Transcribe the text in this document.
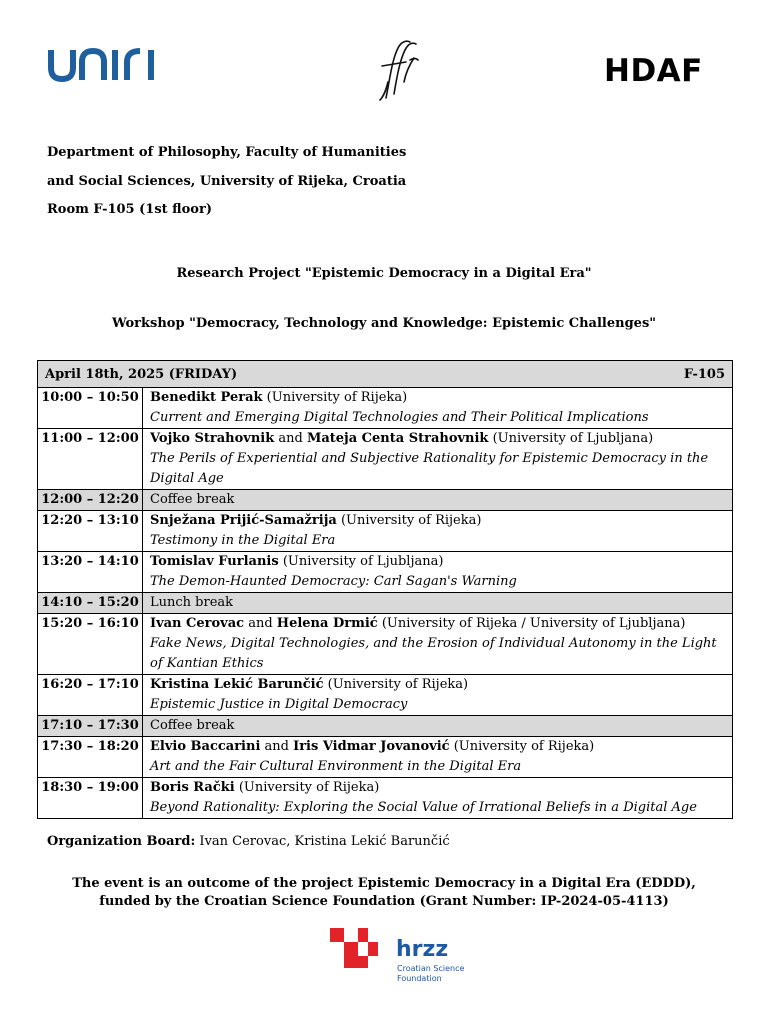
HDAF
Department of Philosophy, Faculty of Humanities
and Social Sciences, University of Rijeka, Croatia
Room F-105 (1st floor)
Research Project "Epistemic Democracy in a Digital Era"
Workshop "Democracy, Technology and Knowledge: Epistemic Challenges"
April 18th, 2025 (FRIDAY) F-105	

10:00 – 10:50	Benedikt Perak (University of Rijeka)
Current and Emerging Digital Technologies and Their Political Implications

11:00 – 12:00	Vojko Strahovnik and Mateja Centa Strahovnik (University of Ljubljana)
The Perils of Experiential and Subjective Rationality for Epistemic Democracy in the Digital Age

12:00 – 12:20	Coffee break

12:20 – 13:10	Snježana Prijić-Samažrija (University of Rijeka)
Testimony in the Digital Era

13:20 – 14:10	Tomislav Furlanis (University of Ljubljana)
The Demon-Haunted Democracy: Carl Sagan's Warning

14:10 – 15:20	Lunch break

15:20 – 16:10	Ivan Cerovac and Helena Drmić (University of Rijeka / University of Ljubljana)
Fake News, Digital Technologies, and the Erosion of Individual Autonomy in the Light of Kantian Ethics

16:20 – 17:10	Kristina Lekić Barunčić (University of Rijeka)
Epistemic Justice in Digital Democracy

17:10 – 17:30	Coffee break

17:30 – 18:20	Elvio Baccarini and Iris Vidmar Jovanović (University of Rijeka)
Art and the Fair Cultural Environment in the Digital Era

18:30 – 19:00	Boris Rački (University of Rijeka)
Beyond Rationality: Exploring the Social Value of Irrational Beliefs in a Digital Age
Organization Board: Ivan Cerovac, Kristina Lekić Barunčić
The event is an outcome of the project Epistemic Democracy in a Digital Era (EDDD),
funded by the Croatian Science Foundation (Grant Number: IP-2024-05-4113)
hrzz
Croatian Science
Foundation
